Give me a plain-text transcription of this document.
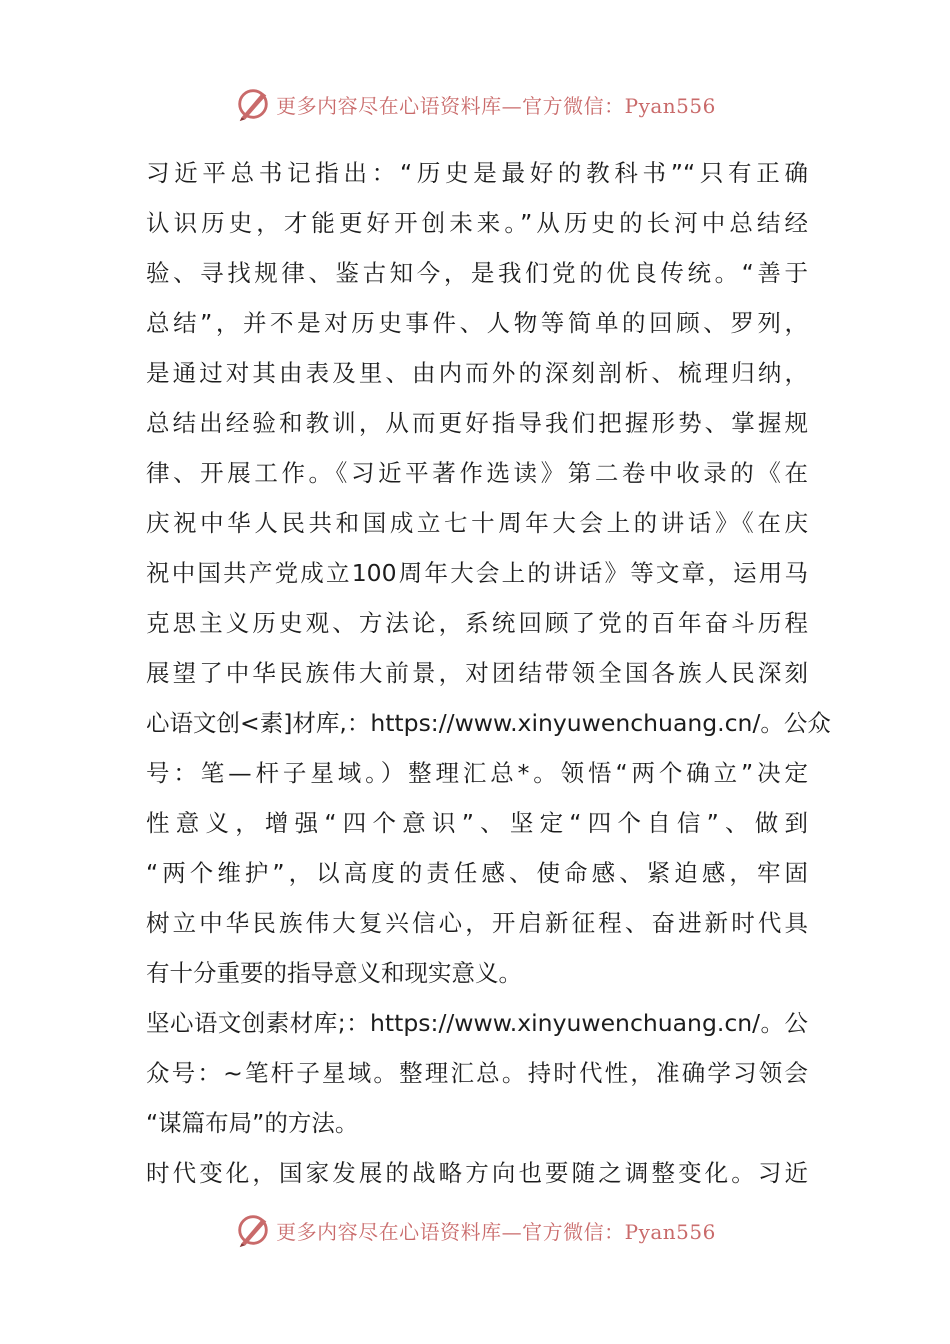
更多内容尽在心语资料库—官方微信：Pyan556
习近平总书记指出：“历史是最好的教科书”“只有正确
认识历史，才能更好开创未来。”从历史的长河中总结经
验、寻找规律、鉴古知今，是我们党的优良传统。“善于
总结”，并不是对历史事件、人物等简单的回顾、罗列，
是通过对其由表及里、由内而外的深刻剖析、梳理归纳，
总结出经验和教训，从而更好指导我们把握形势、掌握规
律、开展工作。《习近平著作选读》第二卷中收录的《在
庆祝中华人民共和国成立七十周年大会上的讲话》《在庆
祝中国共产党成立100周年大会上的讲话》等文章，运用马
克思主义历史观、方法论，系统回顾了党的百年奋斗历程
展望了中华民族伟大前景，对团结带领全国各族人民深刻
心语文创<素]材库,：https://www.xinyuwenchuang.cn/。公众
号：笔—杆子星域。）整理汇总*。领悟“两个确立”决定
性意义，增强“四个意识”、坚定“四个自信”、做到
“两个维护”，以高度的责任感、使命感、紧迫感，牢固
树立中华民族伟大复兴信心，开启新征程、奋进新时代具
有十分重要的指导意义和现实意义。
坚心语文创素材库;：https://www.xinyuwenchuang.cn/。公
众号：~笔杆子星域。整理汇总。持时代性，准确学习领会
“谋篇布局”的方法。
时代变化，国家发展的战略方向也要随之调整变化。习近
更多内容尽在心语资料库—官方微信：Pyan556
